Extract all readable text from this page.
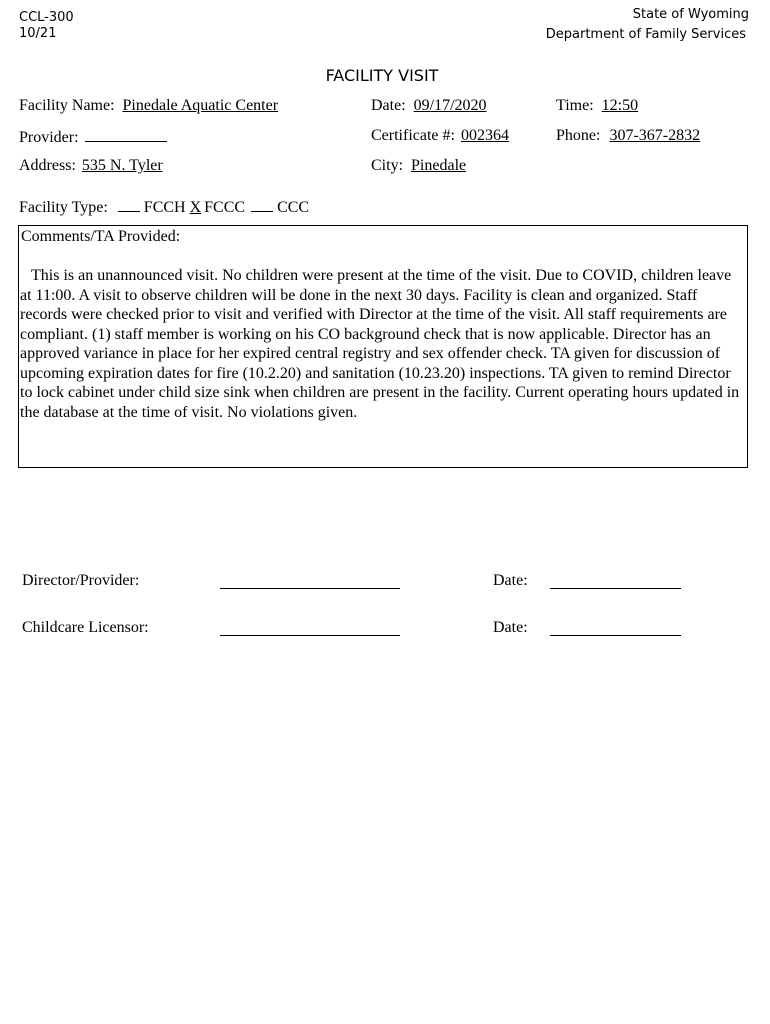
CCL-300
10/21
State of Wyoming
Department of Family Services
FACILITY VISIT
Facility Name: Pinedale Aquatic Center	Date: 09/17/2020	Time: 12:50
Provider:	Certificate #: 002364	Phone: 307-367-2832
Address: 535 N. Tyler	City: Pinedale
Facility Type: FCCH X FCCC CCC
Comments/TA Provided:
This is an unannounced visit. No children were present at the time of the visit. Due to COVID, children leave at 11:00. A visit to observe children will be done in the next 30 days. Facility is clean and organized. Staff records were checked prior to visit and verified with Director at the time of the visit. All staff requirements are compliant. (1) staff member is working on his CO background check that is now applicable. Director has an approved variance in place for her expired central registry and sex offender check. TA given for discussion of upcoming expiration dates for fire (10.2.20) and sanitation (10.23.20) inspections. TA given to remind Director to lock cabinet under child size sink when children are present in the facility. Current operating hours updated in the database at the time of visit. No violations given.
Director/Provider:	Date:
Childcare Licensor:	Date:
